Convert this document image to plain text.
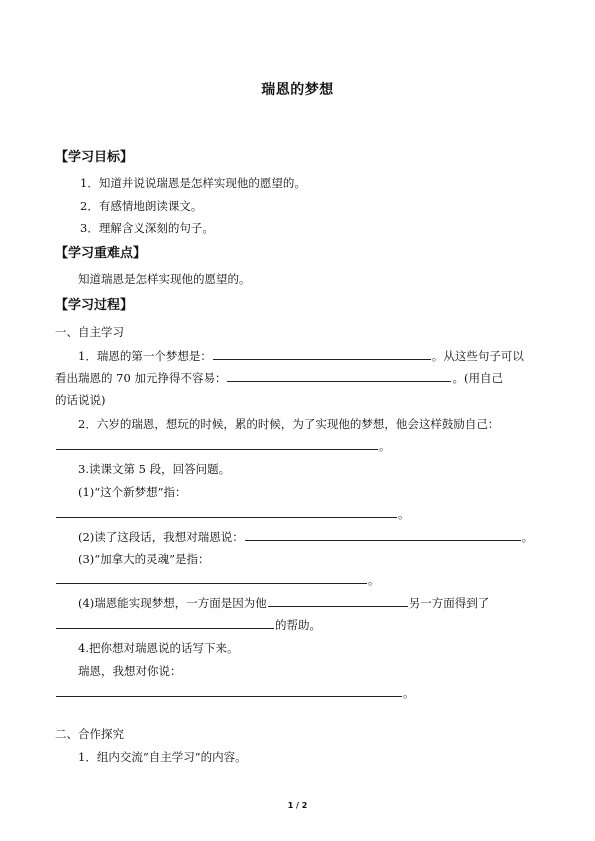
瑞恩的梦想
【学习目标】
1．知道并说说瑞恩是怎样实现他的愿望的。
2．有感情地朗读课文。
3．理解含义深刻的句子。
【学习重难点】
知道瑞恩是怎样实现他的愿望的。
【学习过程】
一、自主学习
1．瑞恩的第一个梦想是：	。从这些句子可以
看出瑞恩的 70 加元挣得不容易：	。(用自己
的话说说)
2．六岁的瑞恩，想玩的时候，累的时候，为了实现他的梦想，他会这样鼓励自己：
。
3.读课文第 5 段，回答问题。
(1)“这个新梦想”指：
。
(2)读了这段话，我想对瑞恩说：	。
(3)“加拿大的灵魂”是指：
。
(4)瑞恩能实现梦想，一方面是因为他	另一方面得到了
的帮助。
4.把你想对瑞恩说的话写下来。
瑞恩，我想对你说：
。
二、合作探究
1．组内交流“自主学习”的内容。
1 / 2
